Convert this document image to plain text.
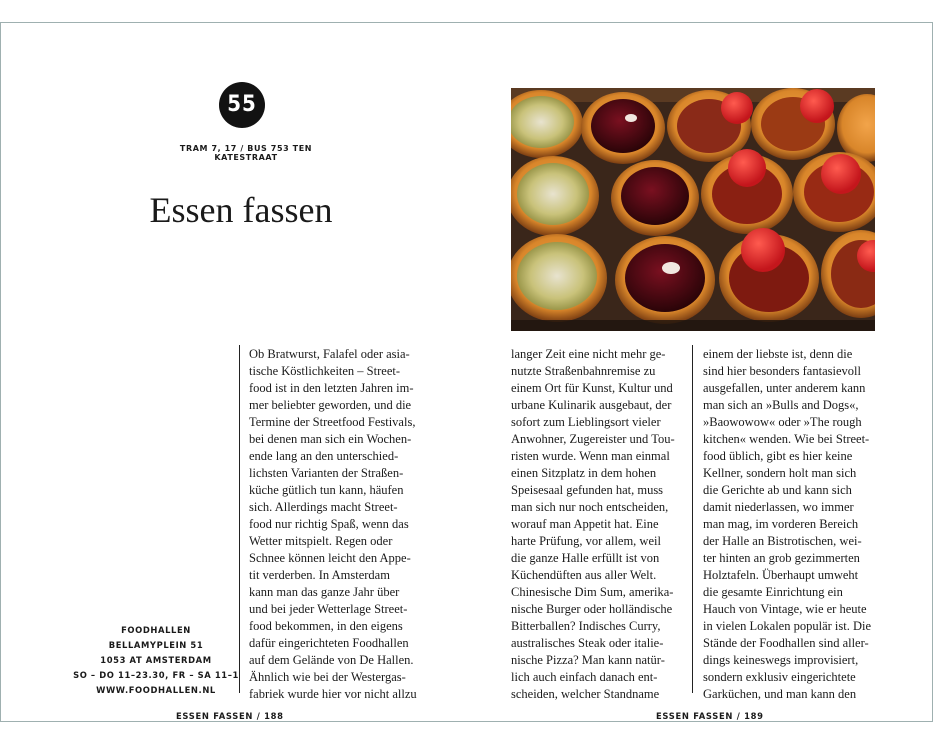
55
TRAM 7, 17 / BUS 753 TEN KATESTRAAT
Essen fassen
Ob Bratwurst, Falafel oder asia-
tische Köstlichkeiten – Street-
food ist in den letzten Jahren im-
mer beliebter geworden, und die
Termine der Streetfood Festivals,
bei denen man sich ein Wochen-
ende lang an den unterschied-
lichsten Varianten der Straßen-
küche gütlich tun kann, häufen
sich. Allerdings macht Street-
food nur richtig Spaß, wenn das
Wetter mitspielt. Regen oder
Schnee können leicht den Appe-
tit verderben. In Amsterdam
kann man das ganze Jahr über
und bei jeder Wetterlage Street-
food bekommen, in den eigens
dafür eingerichteten Foodhallen
auf dem Gelände von De Hallen.
Ähnlich wie bei der Westergas-
fabriek wurde hier vor nicht allzu
FOODHALLEN
BELLAMYPLEIN 51
1053 AT AMSTERDAM
SO – DO 11–23.30, FR – SA 11–1
WWW.FOODHALLEN.NL
ESSEN FASSEN / 188
langer Zeit eine nicht mehr ge-
nutzte Straßenbahnremise zu
einem Ort für Kunst, Kultur und
urbane Kulinarik ausgebaut, der
sofort zum Lieblingsort vieler
Anwohner, Zugereister und Tou-
risten wurde. Wenn man einmal
einen Sitzplatz in dem hohen
Speisesaal gefunden hat, muss
man sich nur noch entscheiden,
worauf man Appetit hat. Eine
harte Prüfung, vor allem, weil
die ganze Halle erfüllt ist von
Küchendüften aus aller Welt.
Chinesische Dim Sum, amerika-
nische Burger oder holländische
Bitterballen? Indisches Curry,
australisches Steak oder italie-
nische Pizza? Man kann natür-
lich auch einfach danach ent-
scheiden, welcher Standname
einem der liebste ist, denn die
sind hier besonders fantasievoll
ausgefallen, unter anderem kann
man sich an »Bulls and Dogs«,
»Baowowow« oder »The rough
kitchen« wenden. Wie bei Street-
food üblich, gibt es hier keine
Kellner, sondern holt man sich
die Gerichte ab und kann sich
damit niederlassen, wo immer
man mag, im vorderen Bereich
der Halle an Bistrotischen, wei-
ter hinten an grob gezimmerten
Holztafeln. Überhaupt umweht
die gesamte Einrichtung ein
Hauch von Vintage, wie er heute
in vielen Lokalen populär ist. Die
Stände der Foodhallen sind aller-
dings keineswegs improvisiert,
sondern exklusiv eingerichtete
Garküchen, und man kann den
ESSEN FASSEN / 189
